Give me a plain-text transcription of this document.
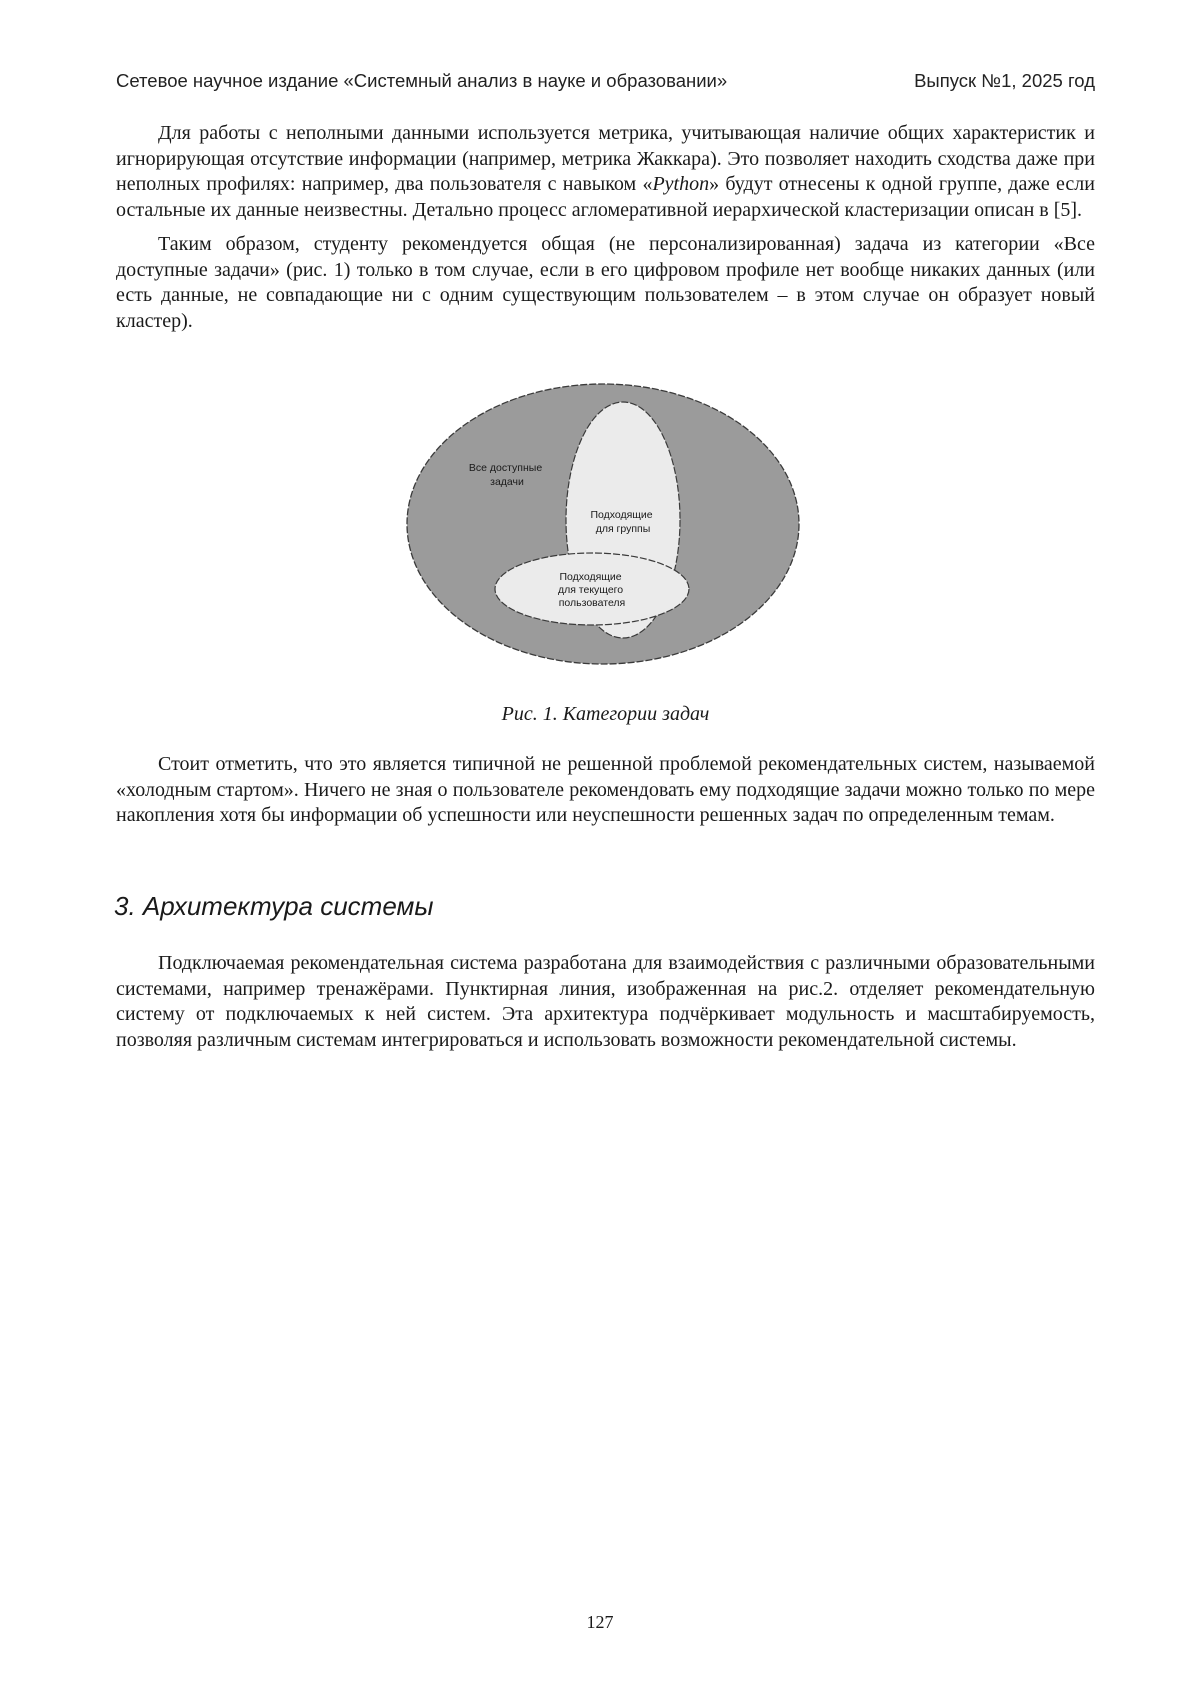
Сетевое научное издание «Системный анализ в науке и образовании»	Выпуск №1, 2025 год

Для работы с неполными данными используется метрика, учитывающая наличие общих характеристик и игнорирующая отсутствие информации (например, метрика Жаккара). Это позволяет находить сходства даже при неполных профилях: например, два пользователя с навыком «Python» будут отнесены к одной группе, даже если остальные их данные неизвестны. Детально процесс агломеративной иерархической кластеризации описан в [5].

Таким образом, студенту рекомендуется общая (не персонализированная) задача из категории «Все доступные задачи» (рис. 1) только в том случае, если в его цифровом профиле нет вообще никаких данных (или есть данные, не совпадающие ни с одним существующим пользователем – в этом случае он образует новый кластер).

Все доступные задачи
Подходящие для группы
Подходящие для текущего пользователя
Рис. 1. Категории задач

Стоит отметить, что это является типичной не решенной проблемой рекомендательных систем, называемой «холодным стартом». Ничего не зная о пользователе рекомендовать ему подходящие задачи можно только по мере накопления хотя бы информации об успешности или неуспешности решенных задач по определенным темам.

3. Архитектура системы

Подключаемая рекомендательная система разработана для взаимодействия с различными образовательными системами, например тренажёрами. Пунктирная линия, изображенная на рис.2. отделяет рекомендательную систему от подключаемых к ней систем. Эта архитектура подчёркивает модульность и масштабируемость, позволяя различным системам интегрироваться и использовать возможности рекомендательной системы.

127
